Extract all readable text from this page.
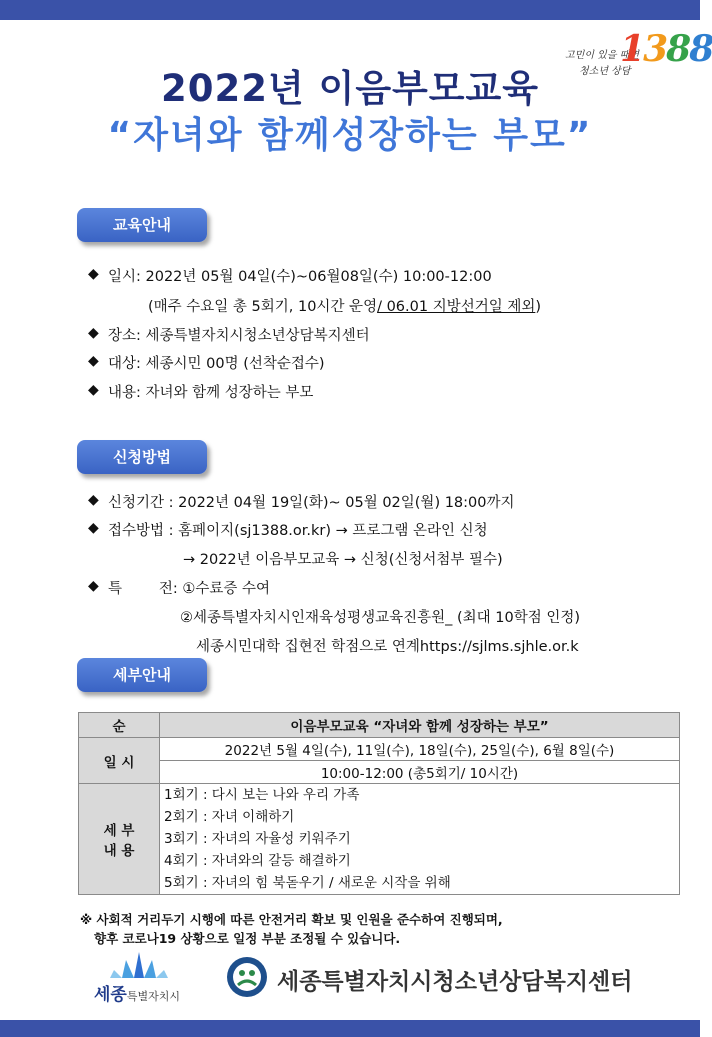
고민이 있을 때면
청소년 상담
1388
2022년 이음부모교육
“자녀와 함께성장하는 부모”
교육안내
◆ 일시: 2022년 05월 04일(수)~06월08일(수) 10:00-12:00
(매주 수요일 총 5회기, 10시간 운영/ 06.01 지방선거일 제외)
◆ 장소: 세종특별자치시청소년상담복지센터
◆ 대상: 세종시민 00명 (선착순접수)
◆ 내용: 자녀와 함께 성장하는 부모
신청방법
◆ 신청기간 : 2022년 04월 19일(화)~ 05월 02일(월) 18:00까지
◆ 접수방법 : 홈페이지(sj1388.or.kr) → 프로그램 온라인 신청
→ 2022년 이음부모교육 → 신청(신청서첨부 필수)
◆ 특        전: ①수료증 수여
②세종특별자치시인재육성평생교육진흥원_ (최대 10학점 인정)
세종시민대학 집현전 학점으로 연계https://sjlms.sjhle.or.k
세부안내
순	이음부모교육 “자녀와 함께 성장하는 부모”
일 시	2022년 5월 4일(수), 11일(수), 18일(수), 25일(수), 6월 8일(수)
	10:00-12:00 (총5회기/ 10시간)

세 부
내 용	1회기 : 다시 보는 나와 우리 가족
	2회기 : 자녀 이해하기
	3회기 : 자녀의 자율성 키워주기
	4회기 : 자녀와의 갈등 해결하기
	5회기 : 자녀의 힘 북돋우기 / 새로운 시작을 위해
※ 사회적 거리두기 시행에 따른 안전거리 확보 및 인원을 준수하여 진행되며,
향후 코로나19 상황으로 일정 부분 조정될 수 있습니다.
세종특별자치시
세종특별자치시청소년상담복지센터
